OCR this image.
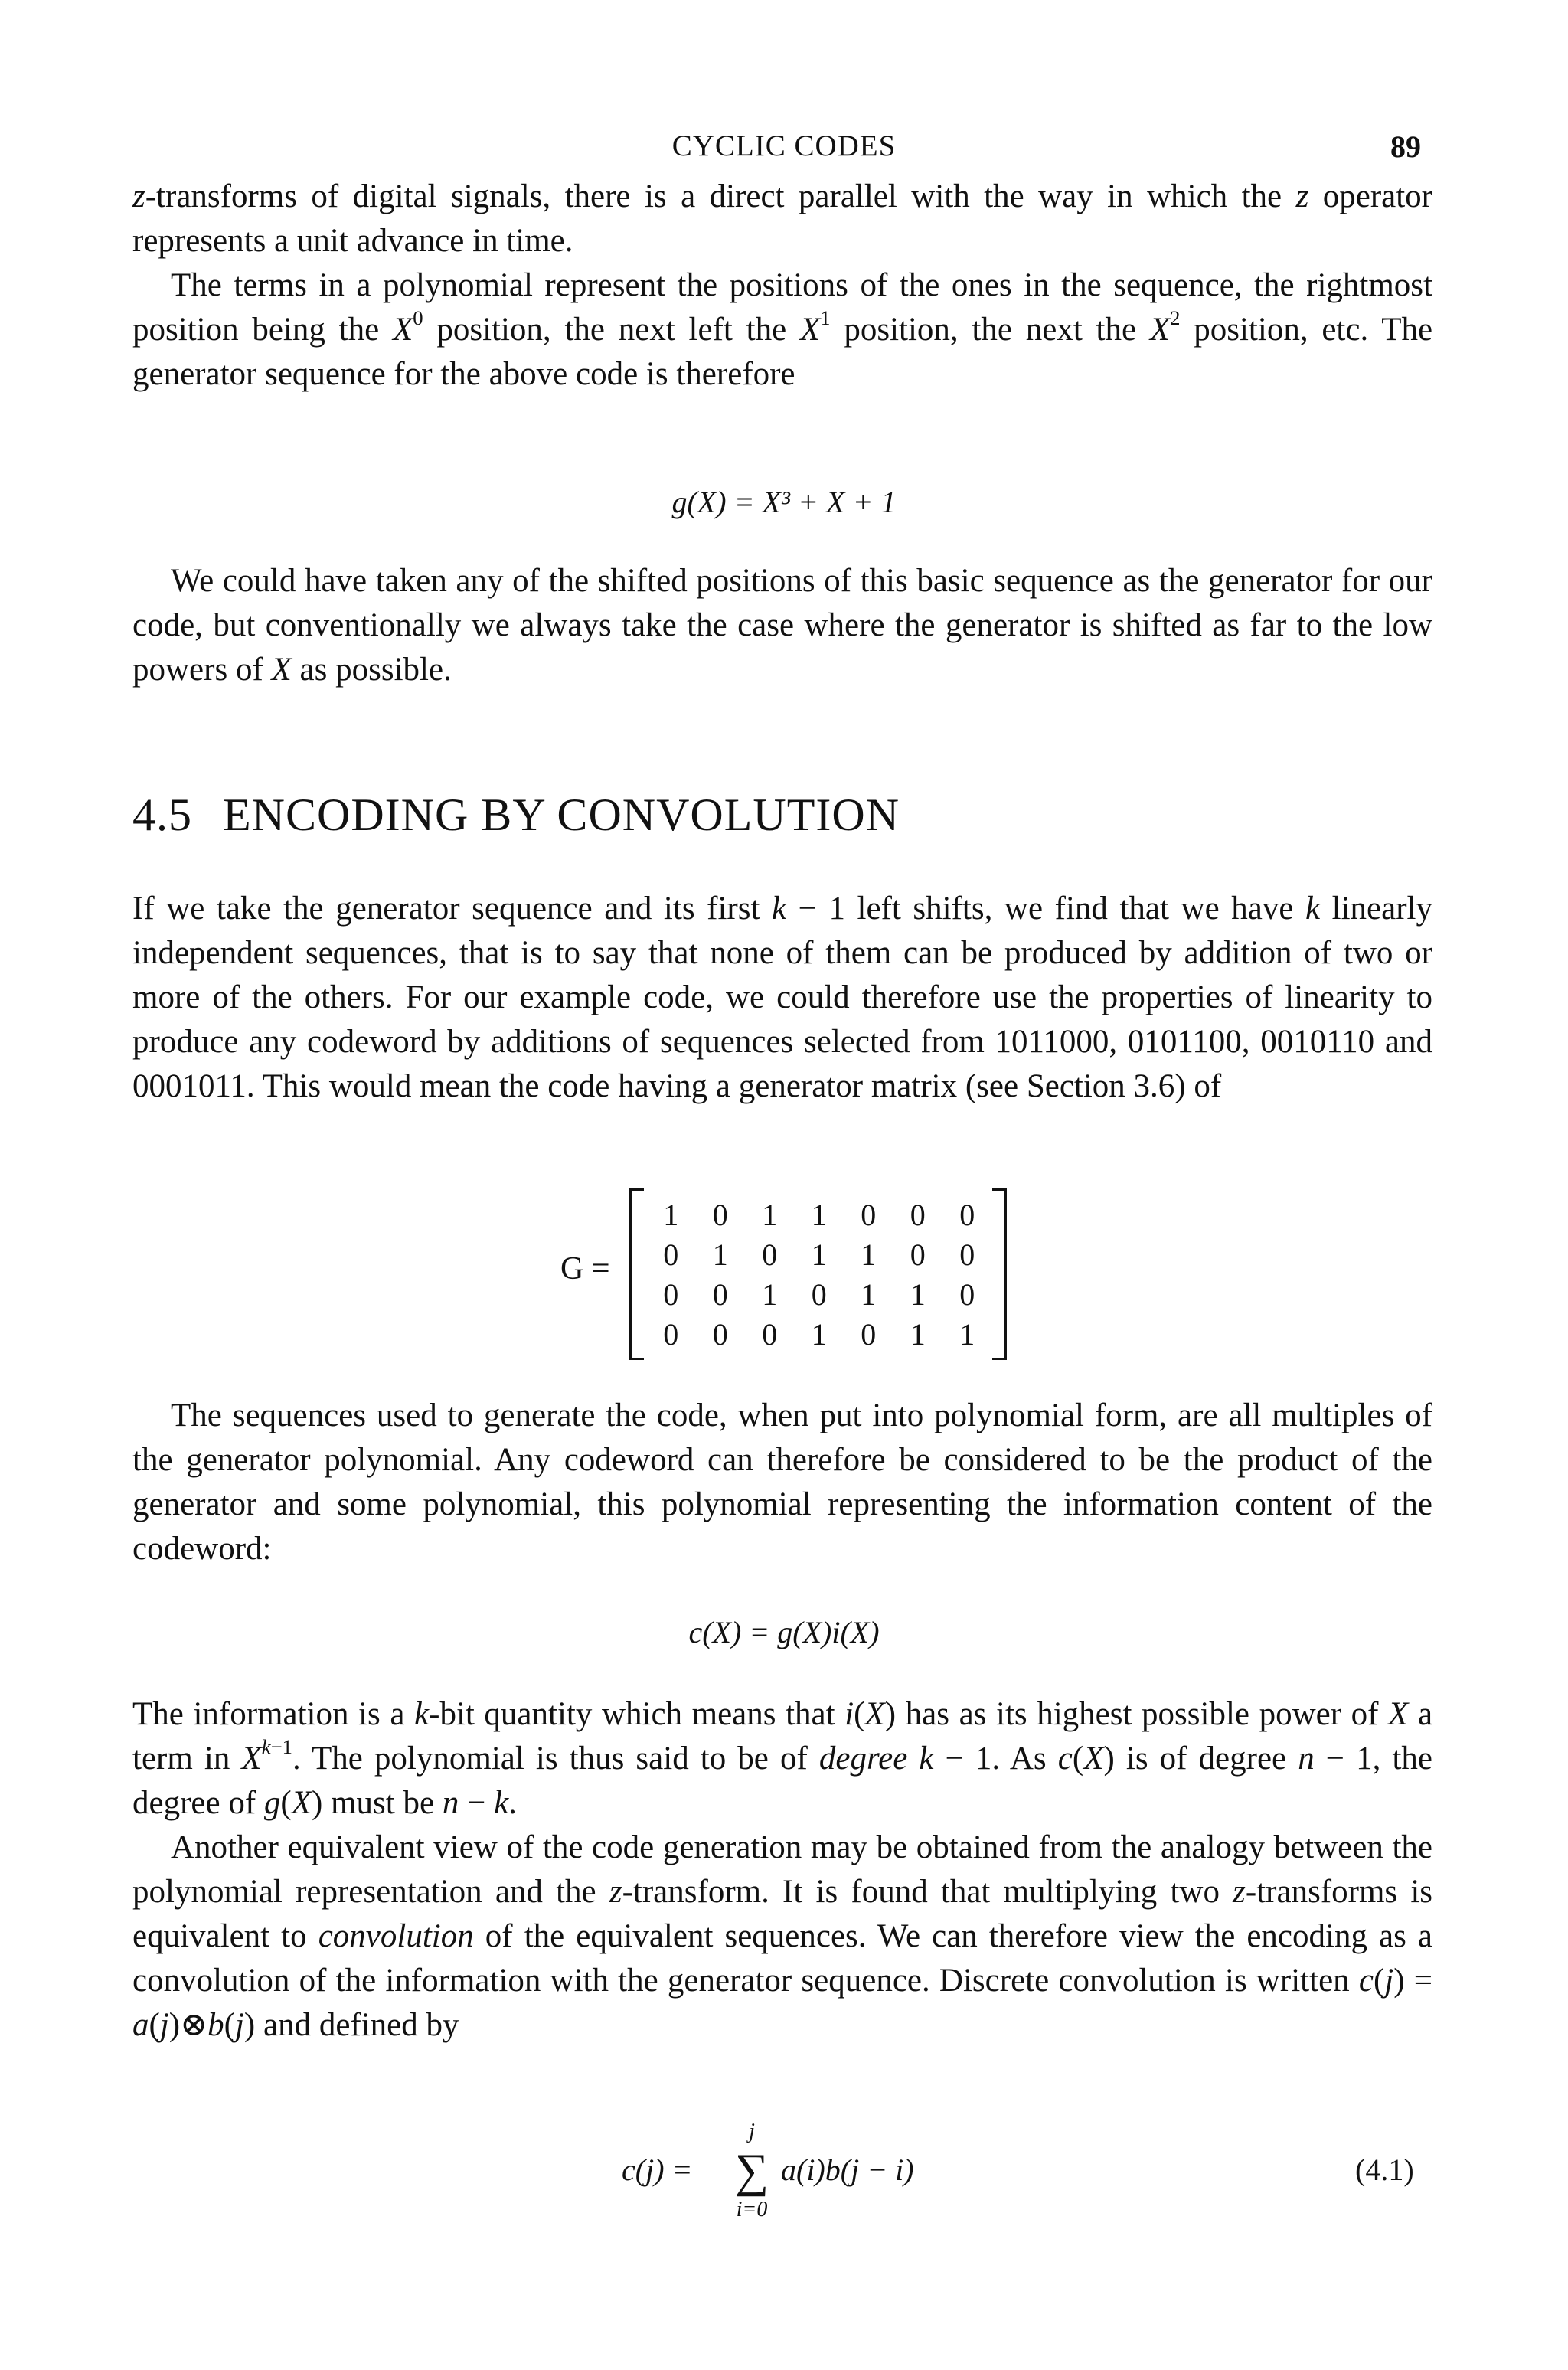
CYCLIC CODES	89

z-transforms of digital signals, there is a direct parallel with the way in which the z operator represents a unit advance in time.

The terms in a polynomial represent the positions of the ones in the sequence, the rightmost position being the $X^0$ position, the next left the $X^1$ position, the next the $X^2$ position, etc. The generator sequence for the above code is therefore

g(X) = X³ + X + 1

We could have taken any of the shifted positions of this basic sequence as the generator for our code, but conventionally we always take the case where the generator is shifted as far to the low powers of X as possible.

4.5 ENCODING BY CONVOLUTION

If we take the generator sequence and its first k − 1 left shifts, we find that we have k linearly independent sequences, that is to say that none of them can be produced by addition of two or more of the others. For our example code, we could therefore use the properties of linearity to produce any codeword by additions of sequences selected from 1011000, 0101100, 0010110 and 0001011. This would mean the code having a generator matrix (see Section 3.6) of

G =
1	0	1	1	0	0	0
0	1	0	1	1	0	0
0	0	1	0	1	1	0
0	0	0	1	0	1	1

The sequences used to generate the code, when put into polynomial form, are all multiples of the generator polynomial. Any codeword can therefore be considered to be the product of the generator and some polynomial, this polynomial representing the information content of the codeword:

c(X) = g(X)i(X)

The information is a k-bit quantity which means that i(X) has as its highest possible power of X a term in $X^{k-1}$. The polynomial is thus said to be of degree k − 1. As c(X) is of degree n − 1, the degree of g(X) must be n − k.

Another equivalent view of the code generation may be obtained from the analogy between the polynomial representation and the z-transform. It is found that multiplying two z-transforms is equivalent to convolution of the equivalent sequences. We can therefore view the encoding as a convolution of the information with the generator sequence. Discrete convolution is written c(j) = a(j)⊗b(j) and defined by

c(j) =
j
∑
i=0
a(i)b(j − i)	(4.1)
